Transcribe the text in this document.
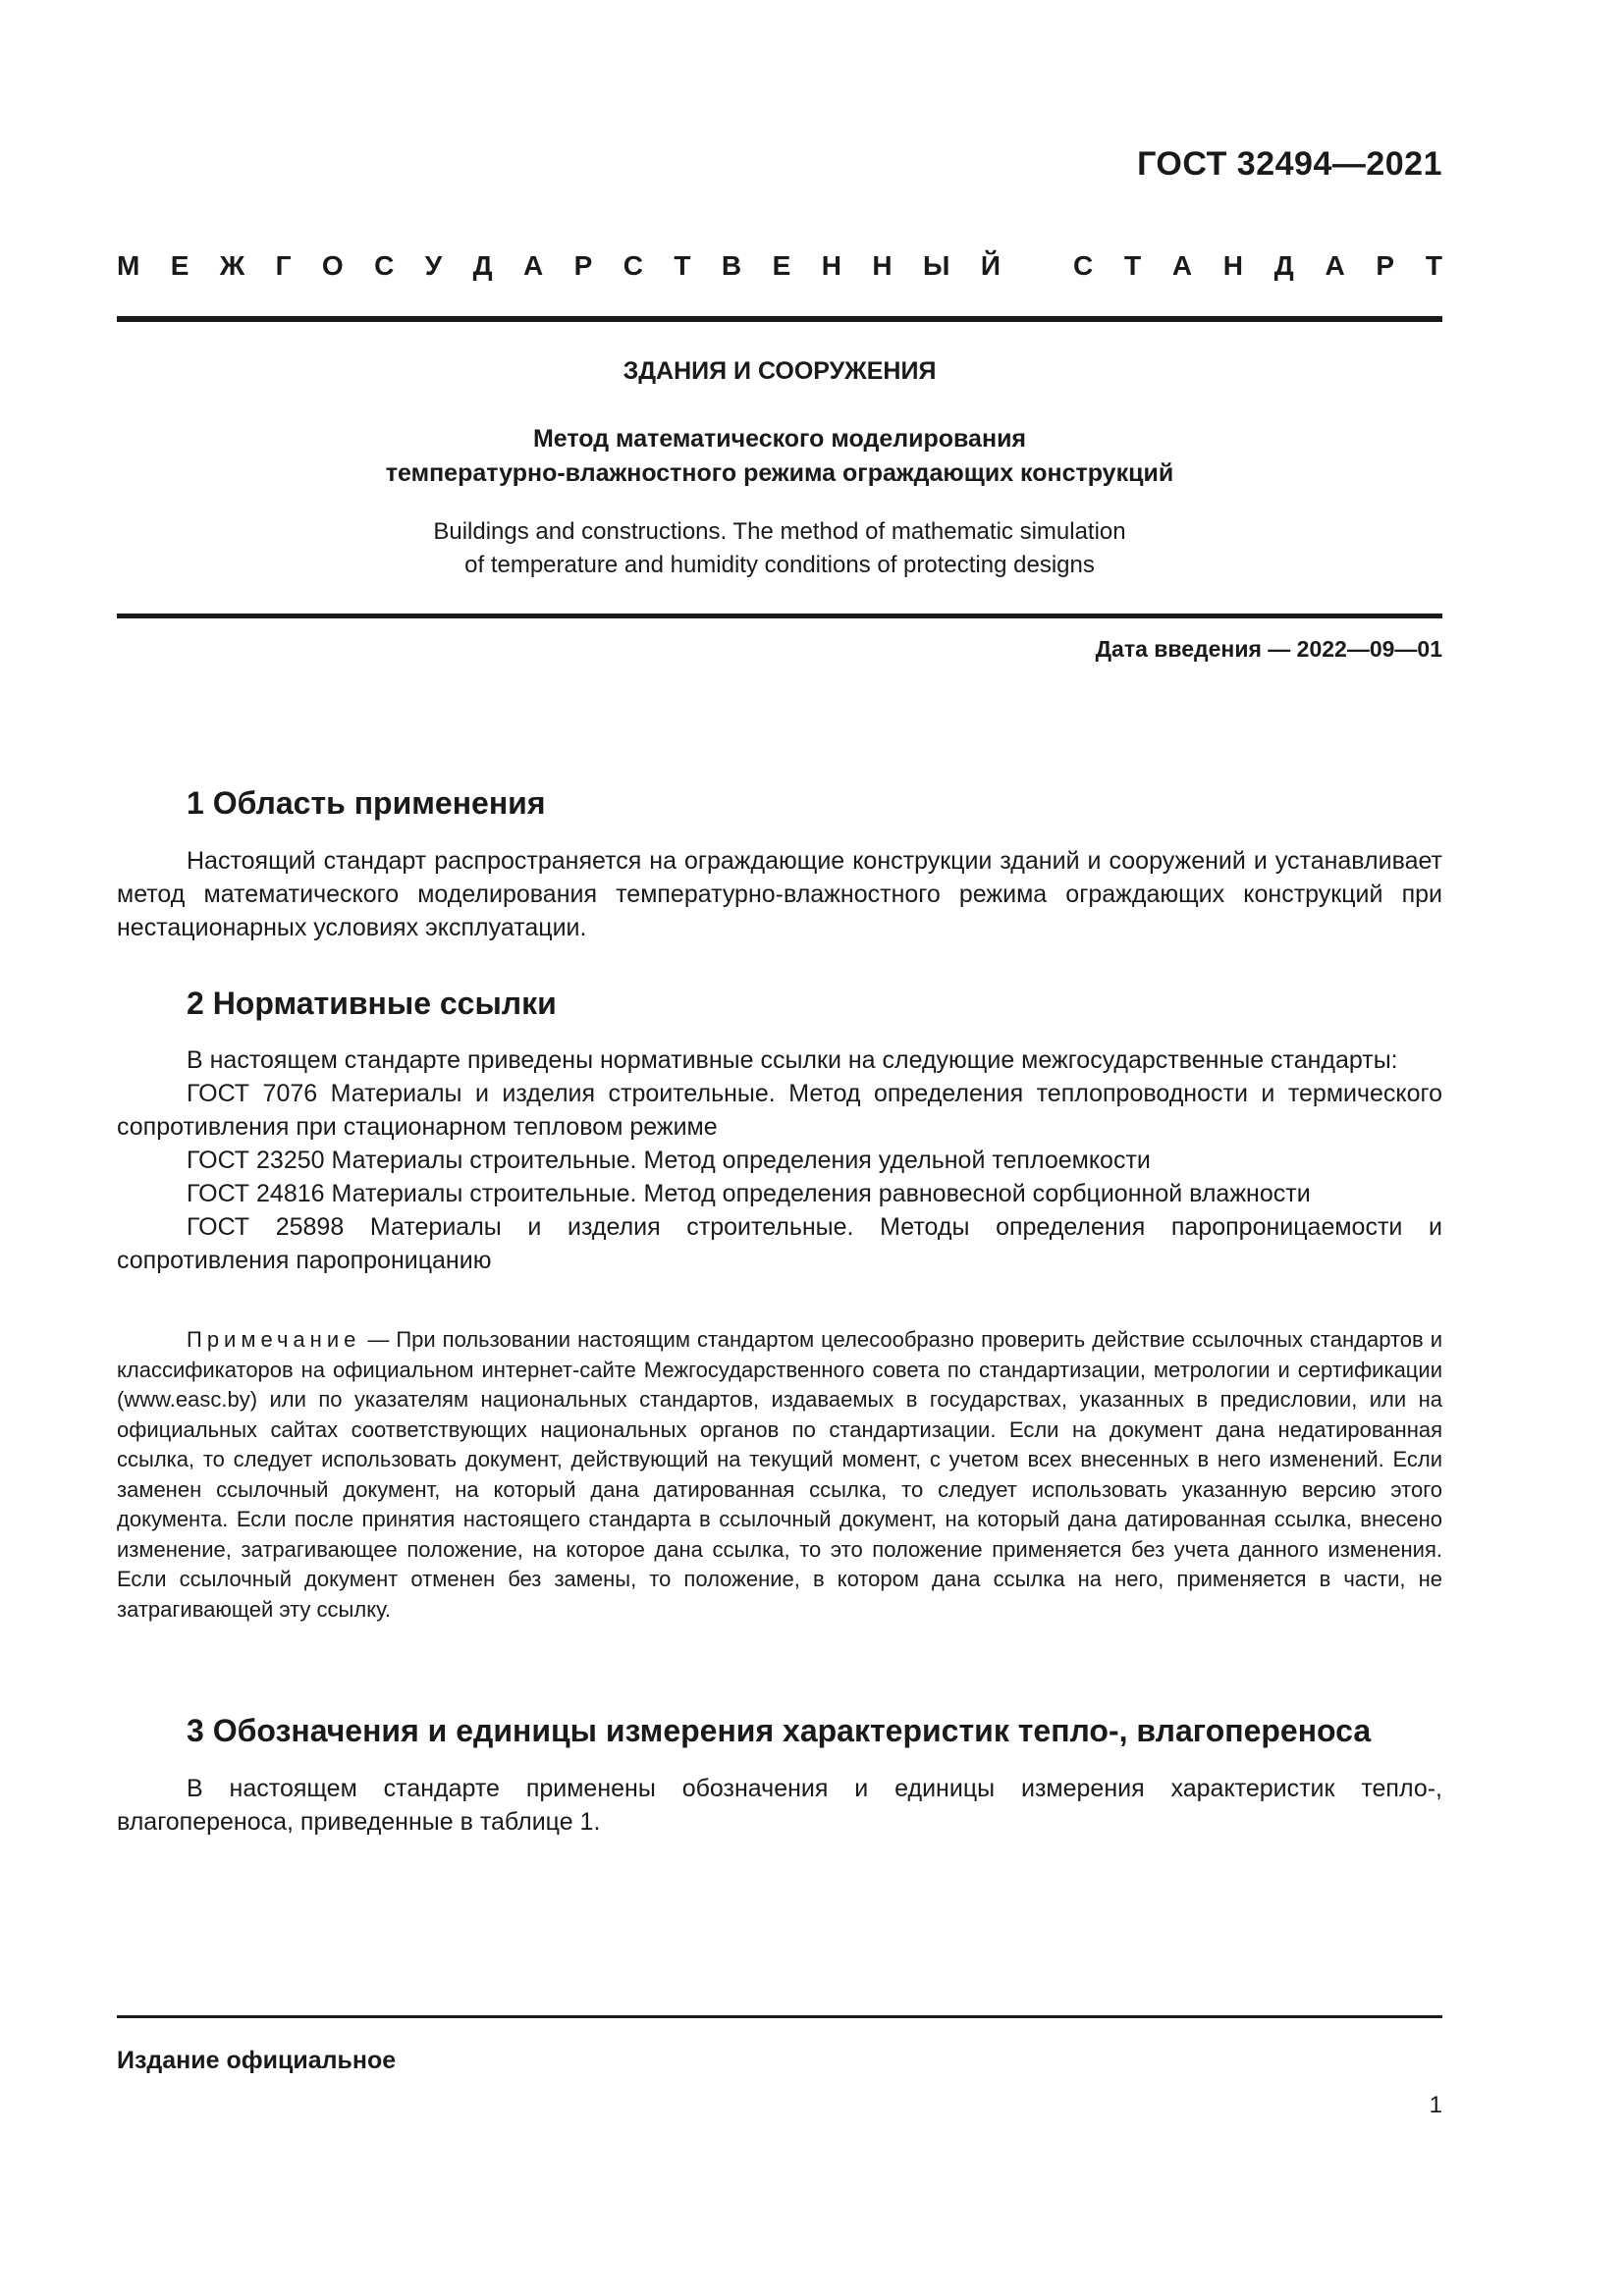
ГОСТ 32494—2021
М Е Ж Г О С У Д А Р С Т В Е Н Н Ы Й	С Т А Н Д А Р Т
ЗДАНИЯ И СООРУЖЕНИЯ
Метод математического моделирования
температурно-влажностного режима ограждающих конструкций
Buildings and constructions. The method of mathematic simulation
of temperature and humidity conditions of protecting designs
Дата введения — 2022—09—01
1 Область применения
Настоящий стандарт распространяется на ограждающие конструкции зданий и сооружений и устанавливает метод математического моделирования температурно-влажностного режима ограждающих конструкций при нестационарных условиях эксплуатации.
2 Нормативные ссылки

В настоящем стандарте приведены нормативные ссылки на следующие межгосударственные стандарты:

ГОСТ 7076 Материалы и изделия строительные. Метод определения теплопроводности и термического сопротивления при стационарном тепловом режиме

ГОСТ 23250 Материалы строительные. Метод определения удельной теплоемкости

ГОСТ 24816 Материалы строительные. Метод определения равновесной сорбционной влажности

ГОСТ 25898 Материалы и изделия строительные. Методы определения паропроницаемости и сопротивления паропроницанию

Примечание — При пользовании настоящим стандартом целесообразно проверить действие ссылочных стандартов и классификаторов на официальном интернет-сайте Межгосударственного совета по стандартизации, метрологии и сертификации (www.easc.by) или по указателям национальных стандартов, издаваемых в государствах, указанных в предисловии, или на официальных сайтах соответствующих национальных органов по стандартизации. Если на документ дана недатированная ссылка, то следует использовать документ, действующий на текущий момент, с учетом всех внесенных в него изменений. Если заменен ссылочный документ, на который дана датированная ссылка, то следует использовать указанную версию этого документа. Если после принятия настоящего стандарта в ссылочный документ, на который дана датированная ссылка, внесено изменение, затрагивающее положение, на которое дана ссылка, то это положение применяется без учета данного изменения. Если ссылочный документ отменен без замены, то положение, в котором дана ссылка на него, применяется в части, не затрагивающей эту ссылку.
3 Обозначения и единицы измерения характеристик тепло-, влагопереноса
В настоящем стандарте применены обозначения и единицы измерения характеристик тепло-, влагопереноса, приведенные в таблице 1.
Издание официальное
1
